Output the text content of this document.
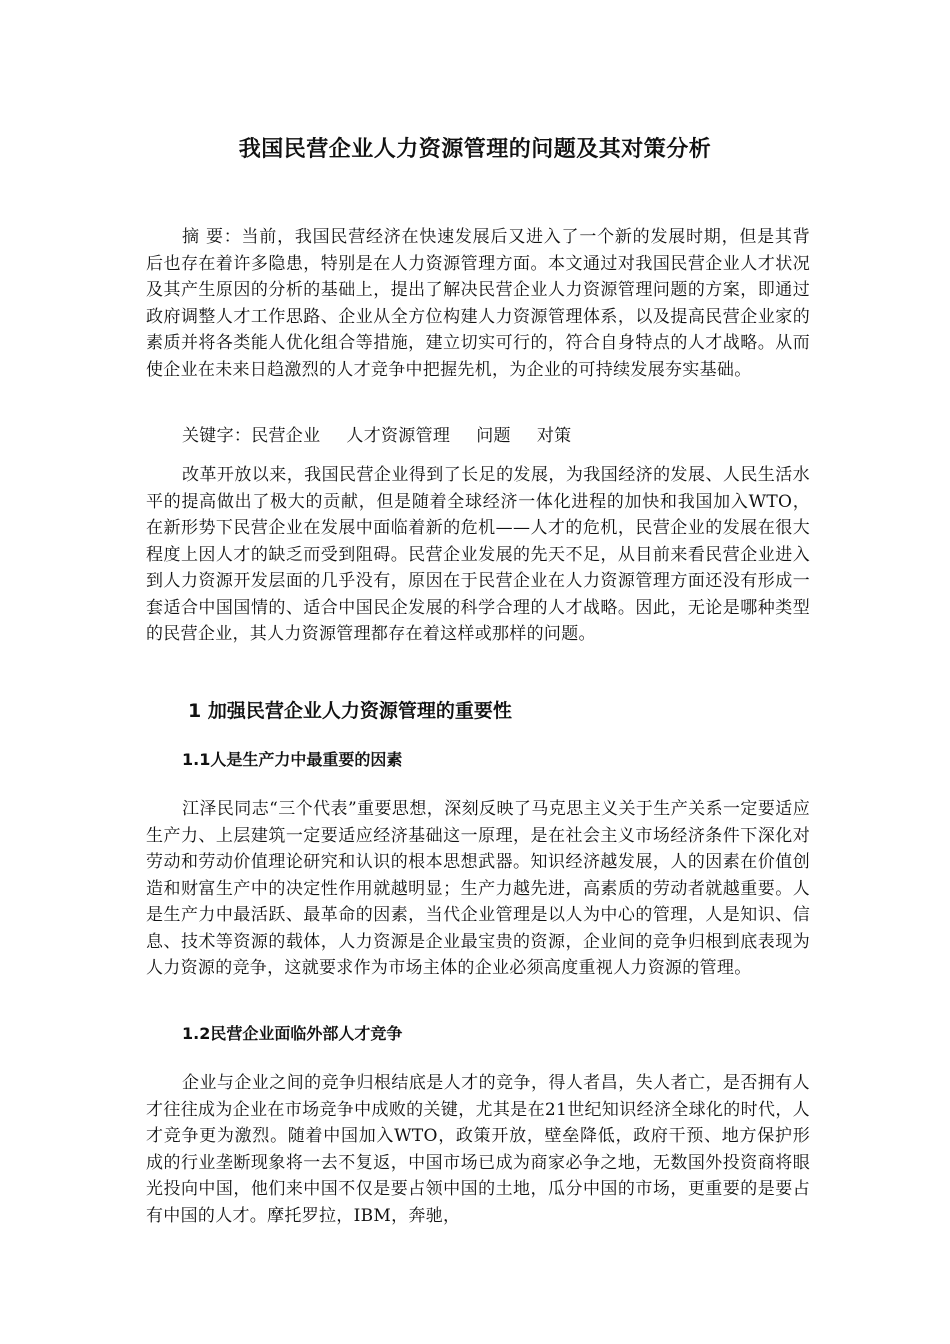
我国民营企业人力资源管理的问题及其对策分析

摘 要：当前，我国民营经济在快速发展后又进入了一个新的发展时期，但是其背后也存在着许多隐患，特别是在人力资源管理方面。本文通过对我国民营企业人才状况及其产生原因的分析的基础上，提出了解决民营企业人力资源管理问题的方案，即通过政府调整人才工作思路、企业从全方位构建人力资源管理体系，以及提高民营企业家的素质并将各类能人优化组合等措施，建立切实可行的，符合自身特点的人才战略。从而使企业在未来日趋激烈的人才竞争中把握先机，为企业的可持续发展夯实基础。

关键字：民营企业 人才资源管理 问题 对策

改革开放以来，我国民营企业得到了长足的发展，为我国经济的发展、人民生活水平的提高做出了极大的贡献，但是随着全球经济一体化进程的加快和我国加入WTO，在新形势下民营企业在发展中面临着新的危机——人才的危机，民营企业的发展在很大程度上因人才的缺乏而受到阻碍。民营企业发展的先天不足，从目前来看民营企业进入到人力资源开发层面的几乎没有，原因在于民营企业在人力资源管理方面还没有形成一套适合中国国情的、适合中国民企发展的科学合理的人才战略。因此，无论是哪种类型的民营企业，其人力资源管理都存在着这样或那样的问题。

1 加强民营企业人力资源管理的重要性
1.1人是生产力中最重要的因素

江泽民同志“三个代表”重要思想，深刻反映了马克思主义关于生产关系一定要适应生产力、上层建筑一定要适应经济基础这一原理，是在社会主义市场经济条件下深化对劳动和劳动价值理论研究和认识的根本思想武器。知识经济越发展，人的因素在价值创造和财富生产中的决定性作用就越明显；生产力越先进，高素质的劳动者就越重要。人是生产力中最活跃、最革命的因素，当代企业管理是以人为中心的管理，人是知识、信息、技术等资源的载体，人力资源是企业最宝贵的资源，企业间的竞争归根到底表现为人力资源的竞争，这就要求作为市场主体的企业必须高度重视人力资源的管理。

1.2民营企业面临外部人才竞争

企业与企业之间的竞争归根结底是人才的竞争，得人者昌，失人者亡，是否拥有人才往往成为企业在市场竞争中成败的关键，尤其是在21世纪知识经济全球化的时代，人才竞争更为激烈。随着中国加入WTO，政策开放，壁垒降低，政府干预、地方保护形成的行业垄断现象将一去不复返，中国市场已成为商家必争之地，无数国外投资商将眼光投向中国，他们来中国不仅是要占领中国的土地，瓜分中国的市场，更重要的是要占有中国的人才。摩托罗拉，IBM，奔驰，
